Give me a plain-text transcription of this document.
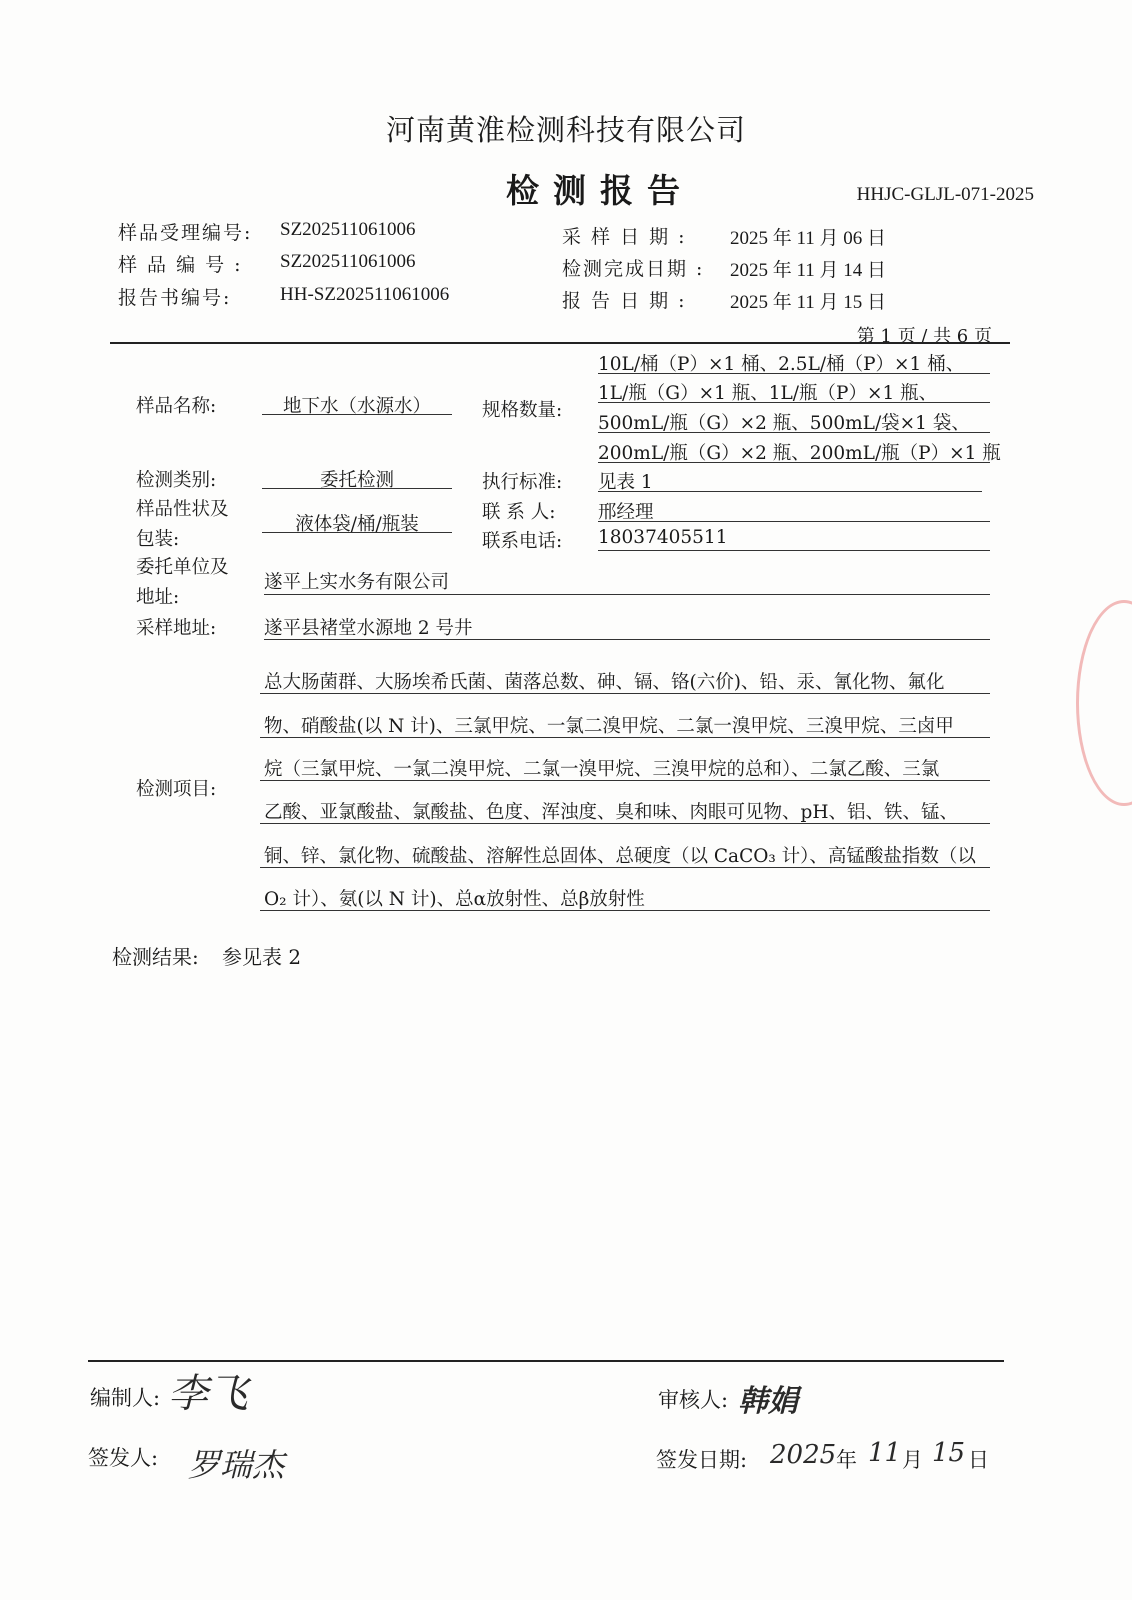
河南黄淮检测科技有限公司
检测报告	HHJC-GLJL-071-2025
样品受理编号: SZ202511061006
样 品 编 号 : SZ202511061006
报告书编号:	HH-SZ202511061006
采 样 日 期 : 2025 年 11 月 06 日
检测完成日期 : 2025 年 11 月 14 日
报 告 日 期 : 2025 年 11 月 15 日
第 1 页 / 共 6 页
样品名称:	地下水（水源水）	规格数量:
10L/桶（P）×1 桶、2.5L/桶（P）×1 桶、
1L/瓶（G）×1 瓶、1L/瓶（P）×1 瓶、
500mL/瓶（G）×2 瓶、500mL/袋×1 袋、
200mL/瓶（G）×2 瓶、200mL/瓶（P）×1 瓶
检测类别:	委托检测	执行标准: 见表 1
样品性状及
包装:
液体袋/桶/瓶装
联 系 人: 邢经理
联系电话: 18037405511
委托单位及
地址:
遂平上实水务有限公司
采样地址:	遂平县褚堂水源地 2 号井
检测项目:
总大肠菌群、大肠埃希氏菌、菌落总数、砷、镉、铬(六价)、铅、汞、氰化物、氟化
物、硝酸盐(以 N 计)、三氯甲烷、一氯二溴甲烷、二氯一溴甲烷、三溴甲烷、三卤甲
烷（三氯甲烷、一氯二溴甲烷、二氯一溴甲烷、三溴甲烷的总和）、二氯乙酸、三氯
乙酸、亚氯酸盐、氯酸盐、色度、浑浊度、臭和味、肉眼可见物、pH、铝、铁、锰、
铜、锌、氯化物、硫酸盐、溶解性总固体、总硬度（以 CaCO₃ 计）、高锰酸盐指数（以
O₂ 计）、氨(以 N 计)、总α放射性、总β放射性
检测结果: 参见表 2
编制人: 李飞	审核人: 韩娟
签发人: 罗瑞杰	签发日期: 2025 年 11 月 15 日
